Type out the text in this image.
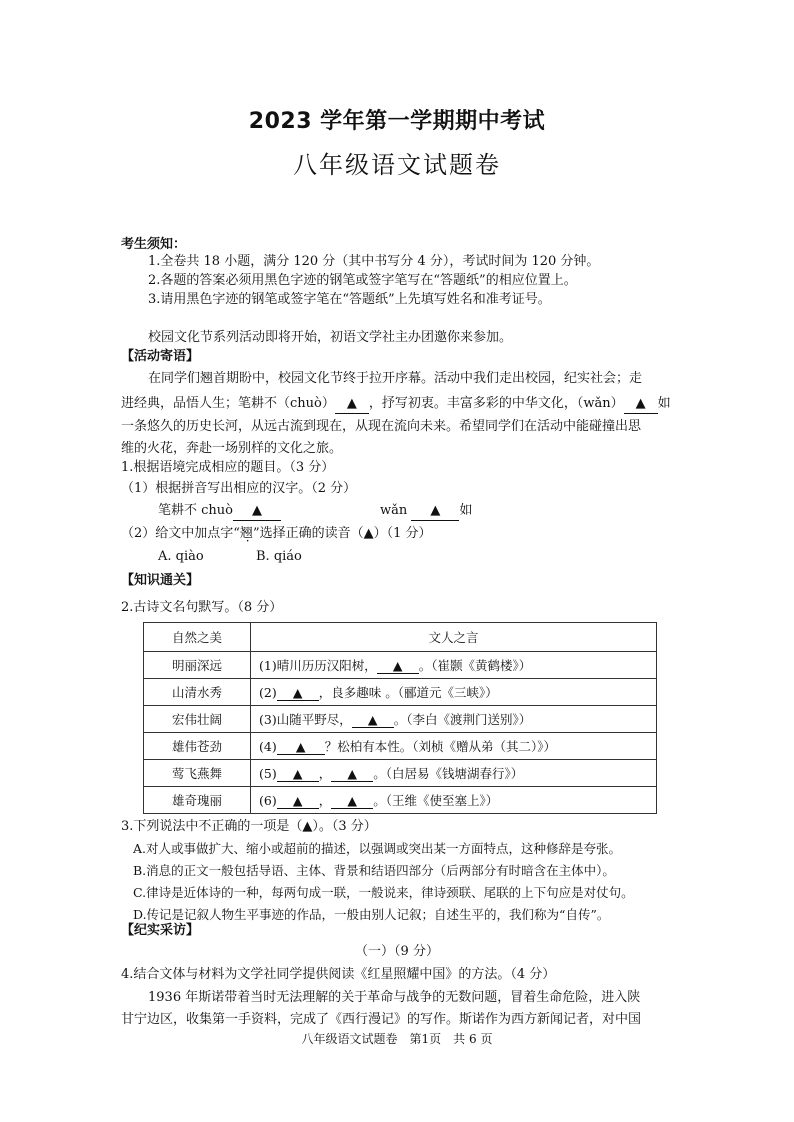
2023 学年第一学期期中考试
八年级语文试题卷
考生须知：
1.全卷共 18 小题，满分 120 分（其中书写分 4 分），考试时间为 120 分钟。
2.各题的答案必须用黑色字迹的钢笔或签字笔写在“答题纸”的相应位置上。
3.请用黑色字迹的钢笔或签字笔在“答题纸”上先填写姓名和准考证号。
校园文化节系列活动即将开始，初语文学社主办团邀你来参加。
【活动寄语】
在同学们翘首期盼中，校园文化节终于拉开序幕。活动中我们走出校园，纪实社会；走
进经典，品悟人生；笔耕不（chuò） ▲ ，抒写初衷。丰富多彩的中华文化，（wǎn） ▲ 如
一条悠久的历史长河，从远古流到现在，从现在流向未来。希望同学们在活动中能碰撞出思
维的火花，奔赴一场别样的文化之旅。
1.根据语境完成相应的题目。（3 分）
（1）根据拼音写出相应的汉字。（2 分）
笔耕不 chuò ▲	wǎn ▲ 如
（2）给文中加点字“翘”选择正确的读音（▲）（1 分）
A. qiào	B. qiáo
【知识通关】
2.古诗文名句默写。（8 分）
自然之美	文人之言
明丽深远	(1)晴川历历汉阳树， ▲ 。（崔颢《黄鹤楼》）
山清水秀	(2) ▲ ，良多趣味 。（郦道元《三峡》）
宏伟壮阔	(3)山随平野尽， ▲ 。（李白《渡荆门送别》）
雄伟苍劲	(4) ▲ ？松柏有本性。（刘桢《赠从弟（其二）》）
莺飞燕舞	(5) ▲ ， ▲ 。（白居易《钱塘湖春行》）
雄奇瑰丽	(6) ▲ ， ▲ 。（王维《使至塞上》）
3.下列说法中不正确的一项是（▲）。（3 分）
A.对人或事做扩大、缩小或超前的描述，以强调或突出某一方面特点，这种修辞是夸张。
B.消息的正文一般包括导语、主体、背景和结语四部分（后两部分有时暗含在主体中）。
C.律诗是近体诗的一种，每两句成一联，一般说来，律诗颈联、尾联的上下句应是对仗句。
D.传记是记叙人物生平事迹的作品，一般由别人记叙；自述生平的，我们称为“自传”。
【纪实采访】
（一）（9 分）
4.结合文体与材料为文学社同学提供阅读《红星照耀中国》的方法。（4 分）
1936 年斯诺带着当时无法理解的关于革命与战争的无数问题，冒着生命危险，进入陕
甘宁边区，收集第一手资料，完成了《西行漫记》的写作。斯诺作为西方新闻记者，对中国
八年级语文试题卷　第1页　共 6 页
